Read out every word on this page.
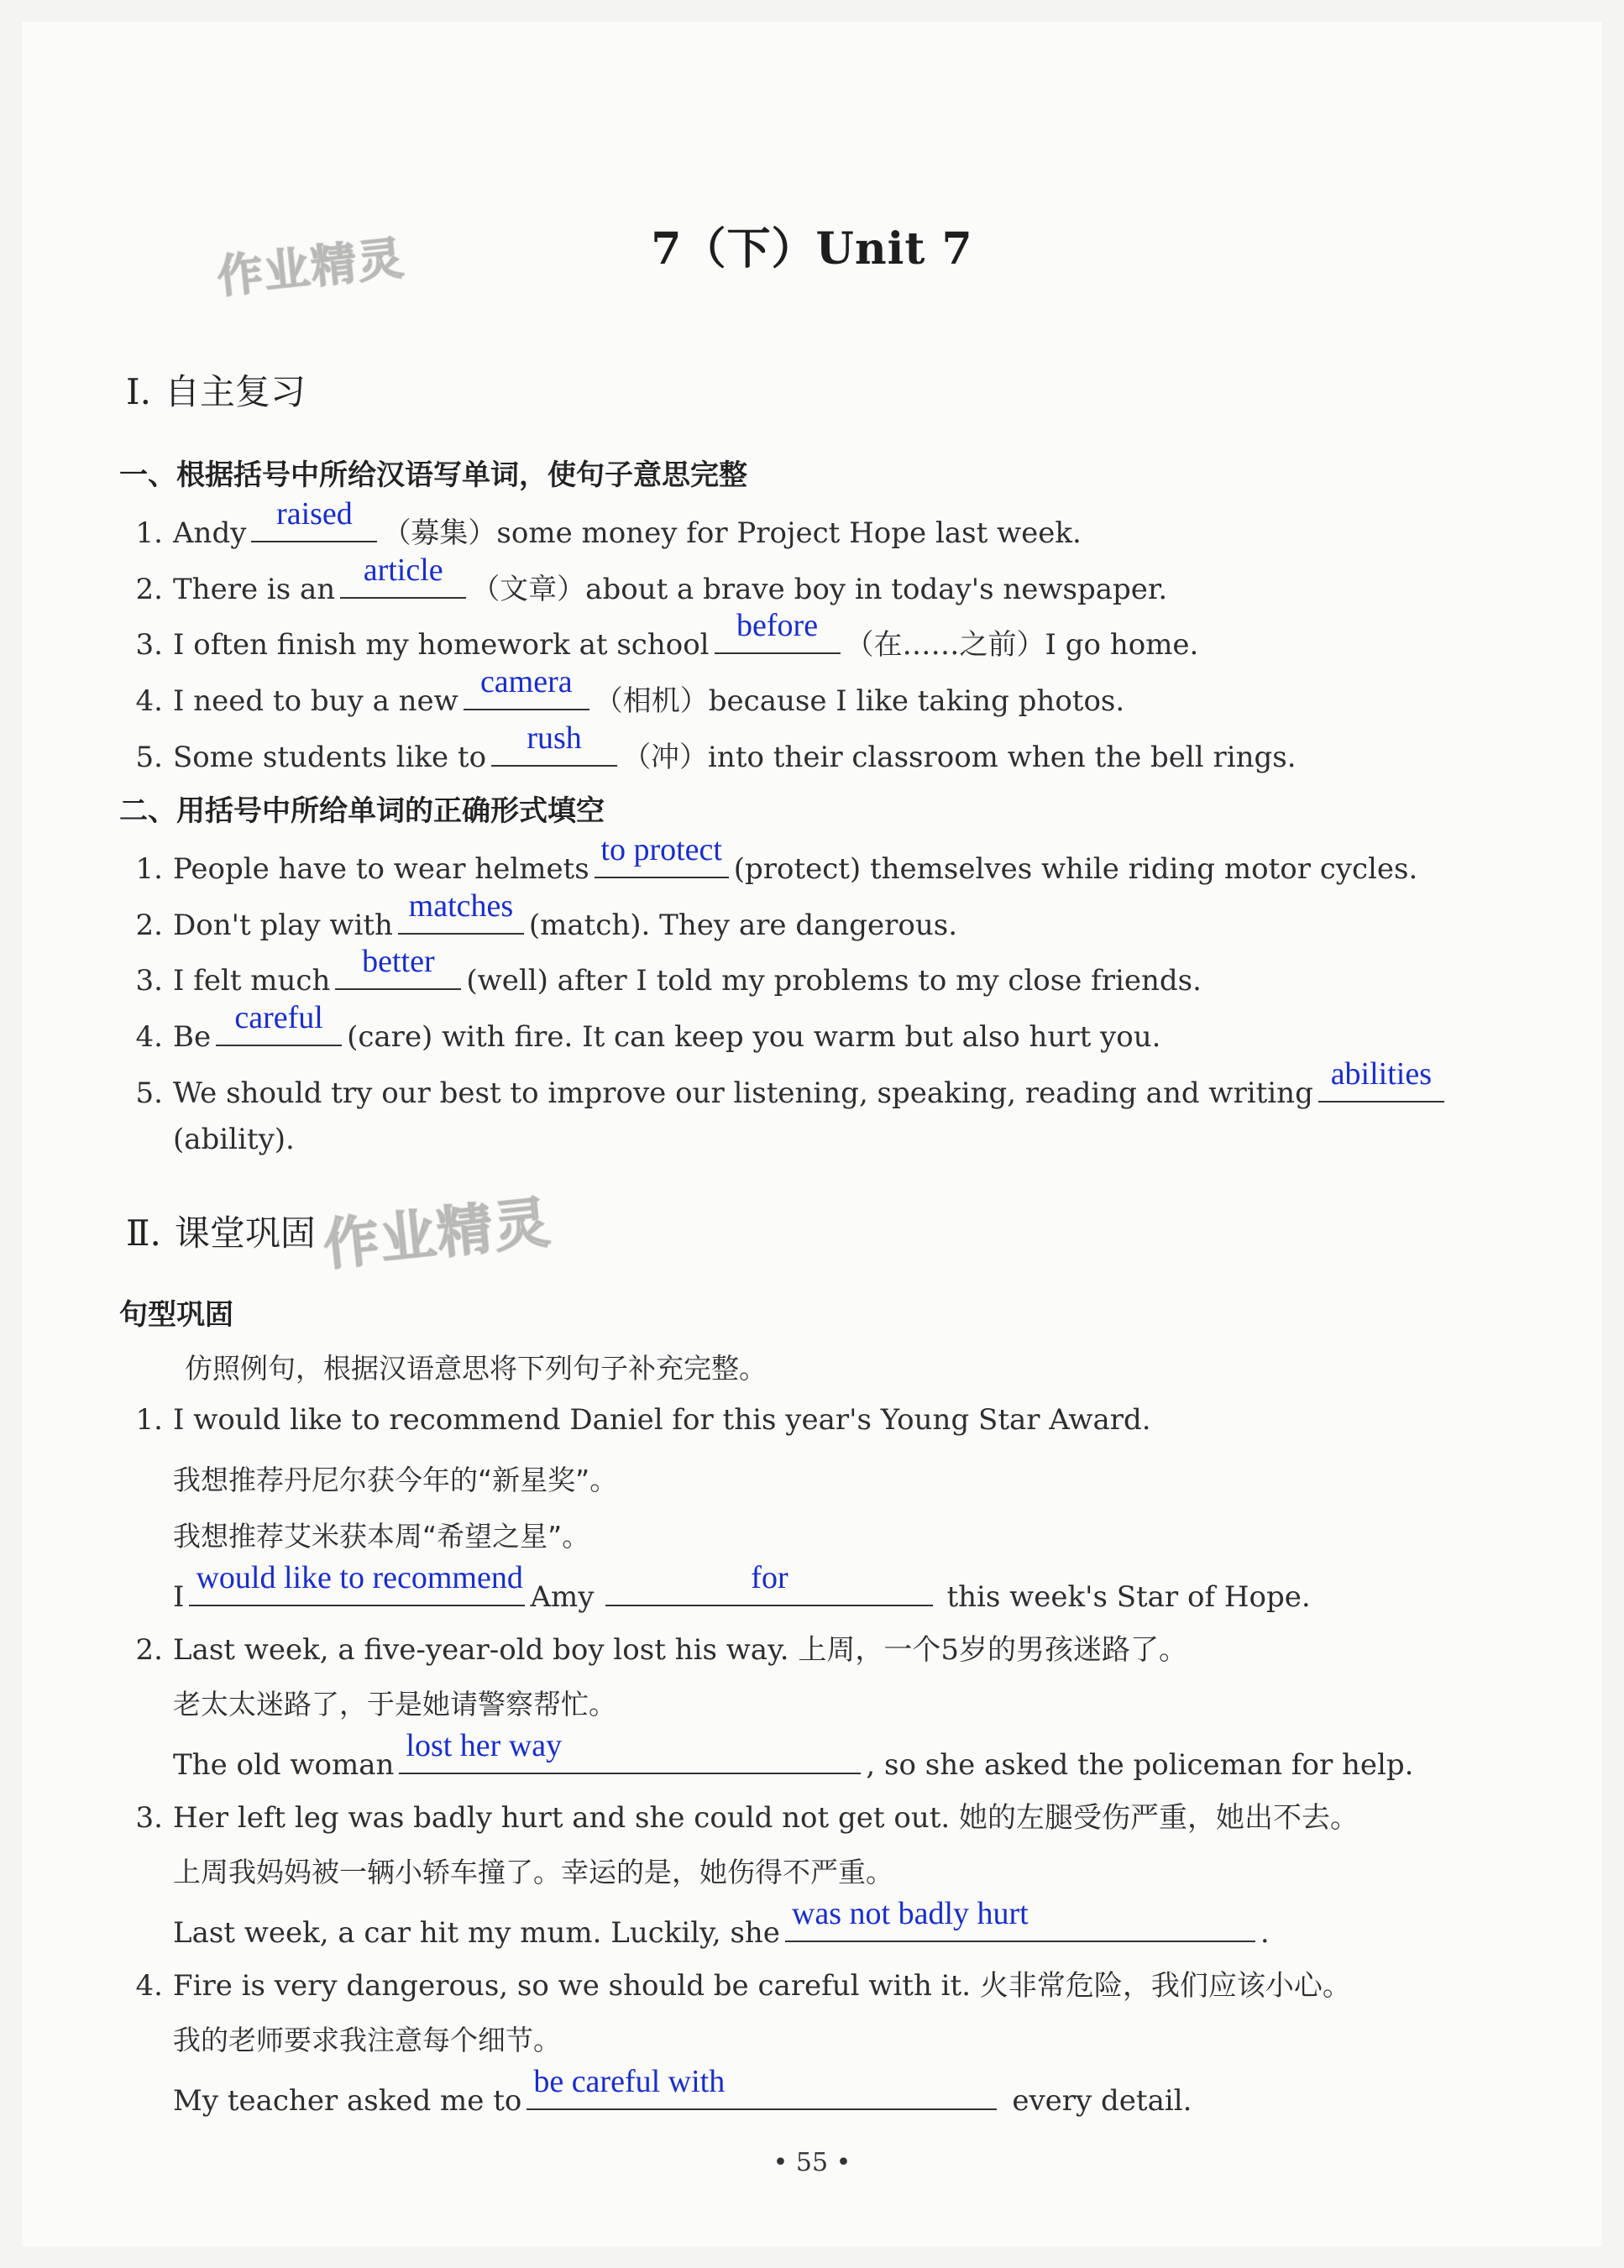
作业精灵
作业精灵
7（下）Unit 7
Ⅰ. 自主复习
一、根据括号中所给汉语写单词，使句子意思完整
1. Andy
raised
（募集）some money for Project Hope last week.
2. There is an
article
（文章）about a brave boy in today's newspaper.
3. I often finish my homework at school
before
（在……之前）I go home.
4. I need to buy a new
camera
（相机）because I like taking photos.
5. Some students like to
rush
（冲）into their classroom when the bell rings.
二、用括号中所给单词的正确形式填空
1. People have to wear helmets
to protect
(protect) themselves while riding motor cycles.
2. Don't play with
matches
(match). They are dangerous.
3. I felt much
better
(well) after I told my problems to my close friends.
4. Be
careful
(care) with fire. It can keep you warm but also hurt you.
5. We should try our best to improve our listening, speaking, reading and writing
abilities
(ability).
Ⅱ. 课堂巩固
句型巩固
仿照例句，根据汉语意思将下列句子补充完整。
1. I would like to recommend Daniel for this year's Young Star Award.
我想推荐丹尼尔获今年的“新星奖”。
我想推荐艾米获本周“希望之星”。
I
would like to recommend
Amy
for
this week's Star of Hope.
2. Last week, a five-year-old boy lost his way. 上周，一个5岁的男孩迷路了。
老太太迷路了，于是她请警察帮忙。
The old woman
lost her way
, so she asked the policeman for help.
3. Her left leg was badly hurt and she could not get out. 她的左腿受伤严重，她出不去。
上周我妈妈被一辆小轿车撞了。幸运的是，她伤得不严重。
Last week, a car hit my mum. Luckily, she
was not badly hurt
.
4. Fire is very dangerous, so we should be careful with it. 火非常危险，我们应该小心。
我的老师要求我注意每个细节。
My teacher asked me to
be careful with
every detail.
• 55 •
